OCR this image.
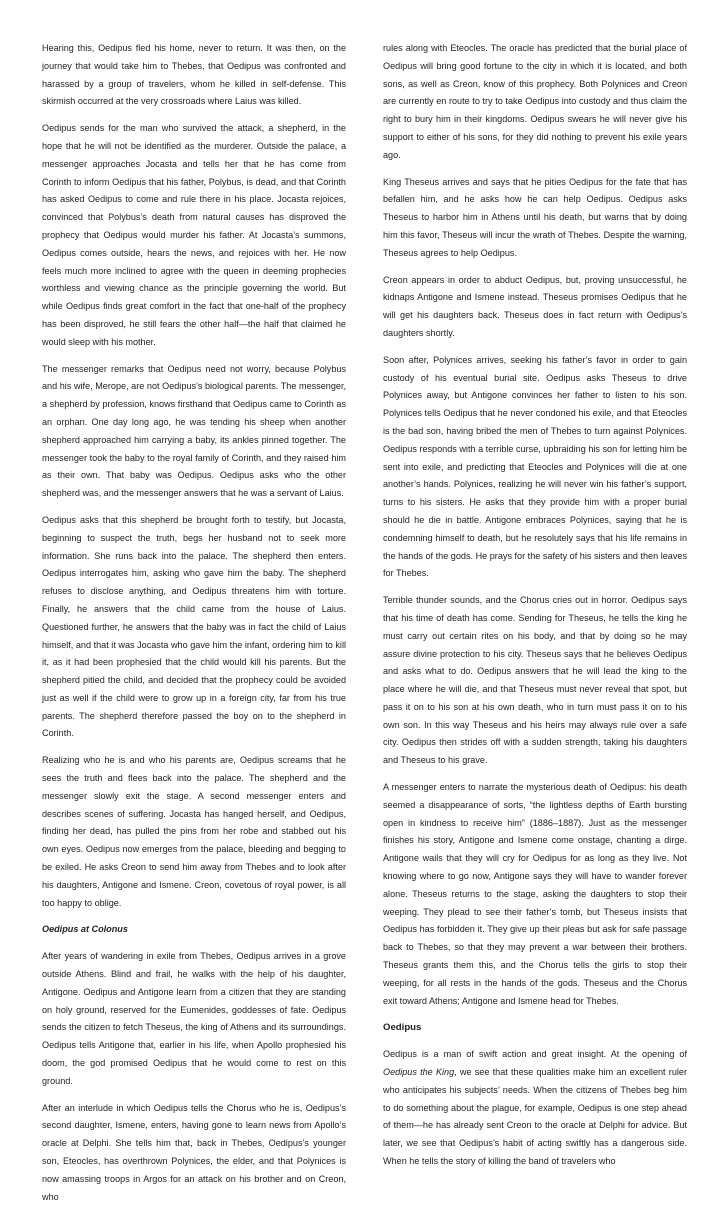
Hearing this, Oedipus fled his home, never to return. It was then, on the journey that would take him to Thebes, that Oedipus was confronted and harassed by a group of travelers, whom he killed in self-defense. This skirmish occurred at the very crossroads where Laius was killed.

Oedipus sends for the man who survived the attack, a shepherd, in the hope that he will not be identified as the murderer. Outside the palace, a messenger approaches Jocasta and tells her that he has come from Corinth to inform Oedipus that his father, Polybus, is dead, and that Corinth has asked Oedipus to come and rule there in his place. Jocasta rejoices, convinced that Polybus’s death from natural causes has disproved the prophecy that Oedipus would murder his father. At Jocasta’s summons, Oedipus comes outside, hears the news, and rejoices with her. He now feels much more inclined to agree with the queen in deeming prophecies worthless and viewing chance as the principle governing the world. But while Oedipus finds great comfort in the fact that one-half of the prophecy has been disproved, he still fears the other half—the half that claimed he would sleep with his mother.

The messenger remarks that Oedipus need not worry, because Polybus and his wife, Merope, are not Oedipus’s biological parents. The messenger, a shepherd by profession, knows firsthand that Oedipus came to Corinth as an orphan. One day long ago, he was tending his sheep when another shepherd approached him carrying a baby, its ankles pinned together. The messenger took the baby to the royal family of Corinth, and they raised him as their own. That baby was Oedipus. Oedipus asks who the other shepherd was, and the messenger answers that he was a servant of Laius.

Oedipus asks that this shepherd be brought forth to testify, but Jocasta, beginning to suspect the truth, begs her husband not to seek more information. She runs back into the palace. The shepherd then enters. Oedipus interrogates him, asking who gave him the baby. The shepherd refuses to disclose anything, and Oedipus threatens him with torture. Finally, he answers that the child came from the house of Laius. Questioned further, he answers that the baby was in fact the child of Laius himself, and that it was Jocasta who gave him the infant, ordering him to kill it, as it had been prophesied that the child would kill his parents. But the shepherd pitied the child, and decided that the prophecy could be avoided just as well if the child were to grow up in a foreign city, far from his true parents. The shepherd therefore passed the boy on to the shepherd in Corinth.

Realizing who he is and who his parents are, Oedipus screams that he sees the truth and flees back into the palace. The shepherd and the messenger slowly exit the stage. A second messenger enters and describes scenes of suffering. Jocasta has hanged herself, and Oedipus, finding her dead, has pulled the pins from her robe and stabbed out his own eyes. Oedipus now emerges from the palace, bleeding and begging to be exiled. He asks Creon to send him away from Thebes and to look after his daughters, Antigone and Ismene. Creon, covetous of royal power, is all too happy to oblige.

Oedipus at Colonus

After years of wandering in exile from Thebes, Oedipus arrives in a grove outside Athens. Blind and frail, he walks with the help of his daughter, Antigone. Oedipus and Antigone learn from a citizen that they are standing on holy ground, reserved for the Eumenides, goddesses of fate. Oedipus sends the citizen to fetch Theseus, the king of Athens and its surroundings. Oedipus tells Antigone that, earlier in his life, when Apollo prophesied his doom, the god promised Oedipus that he would come to rest on this ground.

After an interlude in which Oedipus tells the Chorus who he is, Oedipus’s second daughter, Ismene, enters, having gone to learn news from Apollo’s oracle at Delphi. She tells him that, back in Thebes, Oedipus’s younger son, Eteocles, has overthrown Polynices, the elder, and that Polynices is now amassing troops in Argos for an attack on his brother and on Creon, who

rules along with Eteocles. The oracle has predicted that the burial place of Oedipus will bring good fortune to the city in which it is located, and both sons, as well as Creon, know of this prophecy. Both Polynices and Creon are currently en route to try to take Oedipus into custody and thus claim the right to bury him in their kingdoms. Oedipus swears he will never give his support to either of his sons, for they did nothing to prevent his exile years ago.

King Theseus arrives and says that he pities Oedipus for the fate that has befallen him, and he asks how he can help Oedipus. Oedipus asks Theseus to harbor him in Athens until his death, but warns that by doing him this favor, Theseus will incur the wrath of Thebes. Despite the warning, Theseus agrees to help Oedipus.

Creon appears in order to abduct Oedipus, but, proving unsuccessful, he kidnaps Antigone and Ismene instead. Theseus promises Oedipus that he will get his daughters back. Theseus does in fact return with Oedipus’s daughters shortly.

Soon after, Polynices arrives, seeking his father’s favor in order to gain custody of his eventual burial site. Oedipus asks Theseus to drive Polynices away, but Antigone convinces her father to listen to his son. Polynices tells Oedipus that he never condoned his exile, and that Eteocles is the bad son, having bribed the men of Thebes to turn against Polynices. Oedipus responds with a terrible curse, upbraiding his son for letting him be sent into exile, and predicting that Eteocles and Polynices will die at one another’s hands. Polynices, realizing he will never win his father’s support, turns to his sisters. He asks that they provide him with a proper burial should he die in battle. Antigone embraces Polynices, saying that he is condemning himself to death, but he resolutely says that his life remains in the hands of the gods. He prays for the safety of his sisters and then leaves for Thebes.

Terrible thunder sounds, and the Chorus cries out in horror. Oedipus says that his time of death has come. Sending for Theseus, he tells the king he must carry out certain rites on his body, and that by doing so he may assure divine protection to his city. Theseus says that he believes Oedipus and asks what to do. Oedipus answers that he will lead the king to the place where he will die, and that Theseus must never reveal that spot, but pass it on to his son at his own death, who in turn must pass it on to his own son. In this way Theseus and his heirs may always rule over a safe city. Oedipus then strides off with a sudden strength, taking his daughters and Theseus to his grave.

A messenger enters to narrate the mysterious death of Oedipus: his death seemed a disappearance of sorts, “the lightless depths of Earth bursting open in kindness to receive him” (1886–1887). Just as the messenger finishes his story, Antigone and Ismene come onstage, chanting a dirge. Antigone wails that they will cry for Oedipus for as long as they live. Not knowing where to go now, Antigone says they will have to wander forever alone. Theseus returns to the stage, asking the daughters to stop their weeping. They plead to see their father’s tomb, but Theseus insists that Oedipus has forbidden it. They give up their pleas but ask for safe passage back to Thebes, so that they may prevent a war between their brothers. Theseus grants them this, and the Chorus tells the girls to stop their weeping, for all rests in the hands of the gods. Theseus and the Chorus exit toward Athens; Antigone and Ismene head for Thebes.

Oedipus

Oedipus is a man of swift action and great insight. At the opening of Oedipus the King, we see that these qualities make him an excellent ruler who anticipates his subjects’ needs. When the citizens of Thebes beg him to do something about the plague, for example, Oedipus is one step ahead of them—he has already sent Creon to the oracle at Delphi for advice. But later, we see that Oedipus’s habit of acting swiftly has a dangerous side. When he tells the story of killing the band of travelers who
